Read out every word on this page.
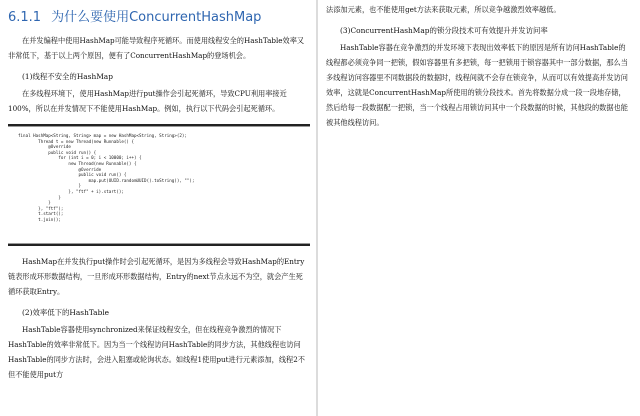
6.1.1 为什么要使用ConcurrentHashMap

在并发编程中使用HashMap可能导致程序死循环。而使用线程安全的HashTable效率又非常低下，基于以上两个原因，便有了ConcurrentHashMap的登场机会。

(1)线程不安全的HashMap

在多线程环境下，使用HashMap进行put操作会引起死循环，导致CPU利用率接近100%，所以在并发情况下不能使用HashMap。例如，执行以下代码会引起死循环。

final HashMap<String, String> map = new HashMap<String, String>(2);
Thread t = new Thread(new Runnable() {
@Override
public void run() {
for (int i = 0; i < 10000; i++) {
new Thread(new Runnable() {
@Override
public void run() {
map.put(UUID.randomUUID().toString(), "");
}
}, "ftf" + i).start();
}
}
}, "ftf");
t.start();
t.join();

HashMap在并发执行put操作时会引起死循环，是因为多线程会导致HashMap的Entry链表形成环形数据结构，一旦形成环形数据结构，Entry的next节点永远不为空，就会产生死循环获取Entry。

(2)效率低下的HashTable

HashTable容器使用synchronized来保证线程安全，但在线程竞争激烈的情况下HashTable的效率非常低下。因为当一个线程访问HashTable的同步方法，其他线程也访问HashTable的同步方法时，会进入阻塞或轮询状态。如线程1使用put进行元素添加，线程2不但不能使用put方

法添加元素，也不能使用get方法来获取元素，所以竞争越激烈效率越低。

(3)ConcurrentHashMap的锁分段技术可有效提升并发访问率

HashTable容器在竞争激烈的并发环境下表现出效率低下的原因是所有访问HashTable的线程都必须竞争同一把锁，假如容器里有多把锁，每一把锁用于锁容器其中一部分数据，那么当多线程访问容器里不同数据段的数据时，线程间就不会存在锁竞争，从而可以有效提高并发访问效率，这就是ConcurrentHashMap所使用的锁分段技术。首先将数据分成一段一段地存储，然后给每一段数据配一把锁，当一个线程占用锁访问其中一个段数据的时候，其他段的数据也能被其他线程访问。
